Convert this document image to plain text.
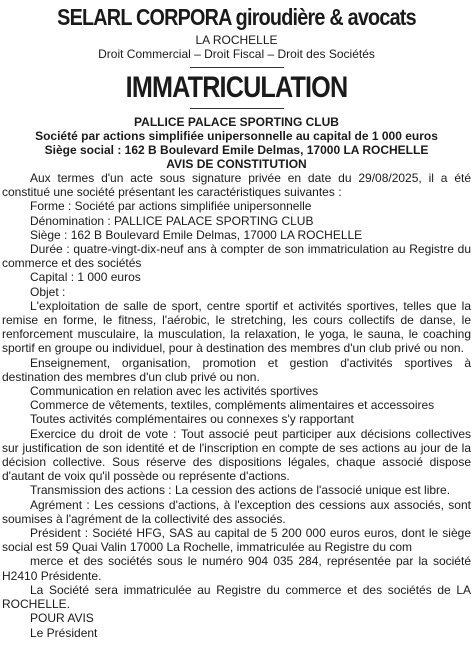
SELARL CORPORA giroudière & avocats
LA ROCHELLE
Droit Commercial – Droit Fiscal – Droit des Sociétés
IMMATRICULATION
PALLICE PALACE SPORTING CLUB
Société par actions simplifiée unipersonnelle au capital de 1 000 euros
Siège social : 162 B Boulevard Emile Delmas, 17000 LA ROCHELLE
AVIS DE CONSTITUTION

Aux termes d'un acte sous signature privée en date du 29/08/2025, il a été constitué une société présentant les caractéristiques suivantes :

Forme : Société par actions simplifiée unipersonnelle

Dénomination : PALLICE PALACE SPORTING CLUB

Siège : 162 B Boulevard Emile Delmas, 17000 LA ROCHELLE

Durée : quatre-vingt-dix-neuf ans à compter de son immatriculation au Registre du commerce et des sociétés

Capital : 1 000 euros

Objet :

L'exploitation de salle de sport, centre sportif et activités sportives, telles que la remise en forme, le fitness, l'aérobic, le stretching, les cours collectifs de danse, le renforcement musculaire, la musculation, la relaxation, le yoga, le sauna, le coaching sportif en groupe ou individuel, pour à destination des membres d'un club privé ou non.

Enseignement, organisation, promotion et gestion d'activités sportives à destination des membres d'un club privé ou non.

Communication en relation avec les activités sportives

Commerce de vêtements, textiles, compléments alimentaires et accessoires

Toutes activités complémentaires ou connexes s'y rapportant

Exercice du droit de vote : Tout associé peut participer aux décisions collectives sur justification de son identité et de l'inscription en compte de ses actions au jour de la décision collective. Sous réserve des dispositions légales, chaque associé dispose d'autant de voix qu'il possède ou représente d'actions.

Transmission des actions : La cession des actions de l'associé unique est libre.

Agrément : Les cessions d'actions, à l'exception des cessions aux associés, sont soumises à l'agrément de la collectivité des associés.

Président : Société HFG, SAS au capital de 5 200 000 euros euros, dont le siège social est 59 Quai Valin 17000 La Rochelle, immatriculée au Registre du com

merce et des sociétés sous le numéro 904 035 284, représentée par la société H2410 Présidente.

La Société sera immatriculée au Registre du commerce et des sociétés de LA ROCHELLE.

POUR AVIS

Le Président
